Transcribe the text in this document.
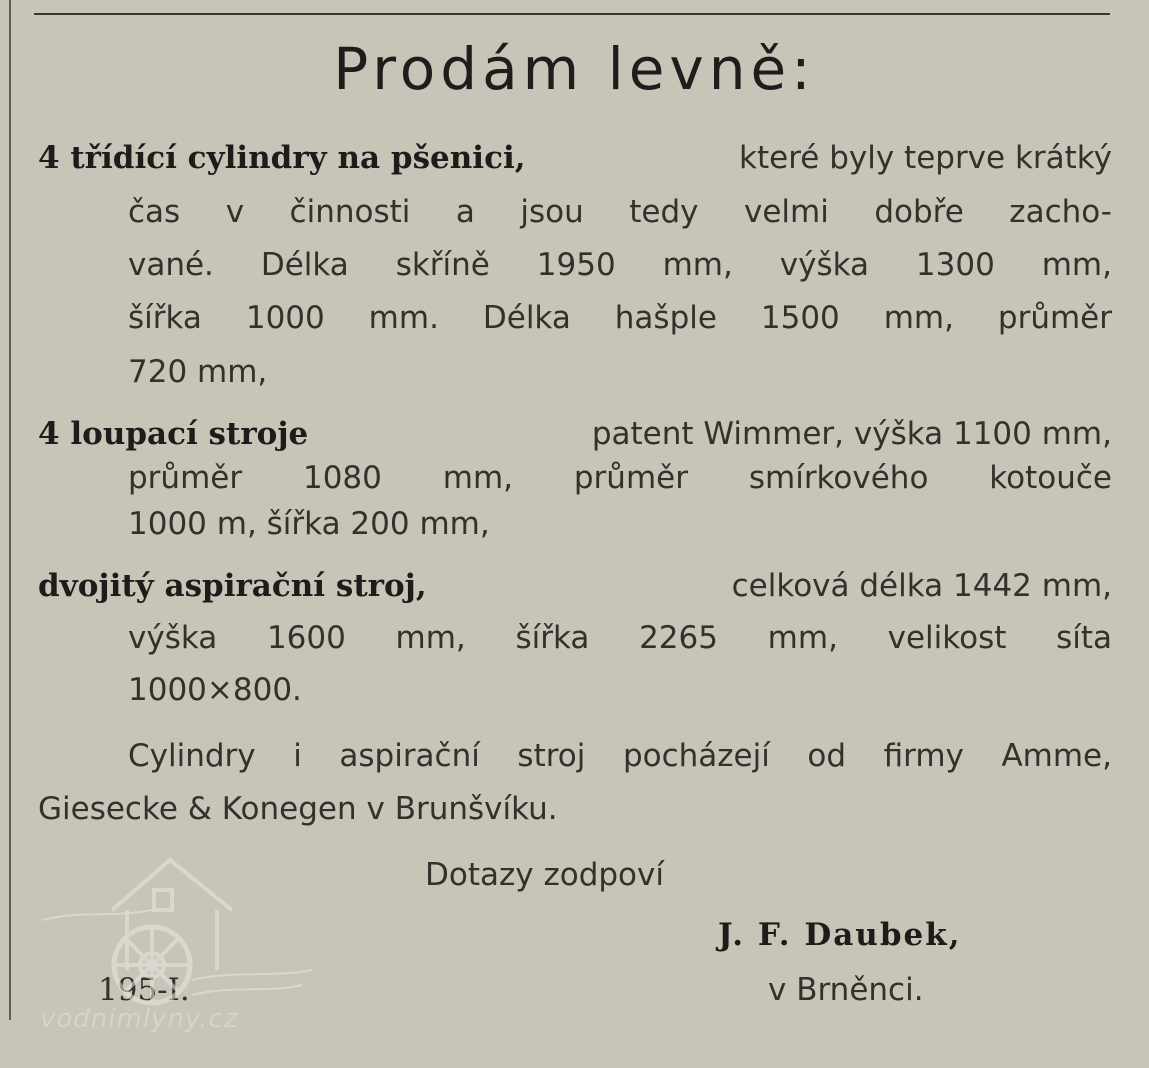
Prodám levně:
4 třídící cylindry na pšenici,	které byly teprve krátký
čas v činnosti a jsou tedy velmi dobře zacho-
vané. Délka skříně 1950 mm, výška 1300 mm,
šířka 1000 mm. Délka hašple 1500 mm, průměr
720 mm,
4 loupací stroje	patent Wimmer, výška 1100 mm,
průměr 1080 mm, průměr smírkového kotouče
1000 m, šířka 200 mm,
dvojitý aspirační stroj,	celková délka 1442 mm,
výška 1600 mm, šířka 2265 mm, velikost síta
1000×800.
Cylindry i aspirační stroj pocházejí od firmy Amme,
Giesecke & Konegen v Brunšvíku.
Dotazy zodpoví
J. F. Daubek,
195-I.	v Brněnci.
vodnimlyny.cz
